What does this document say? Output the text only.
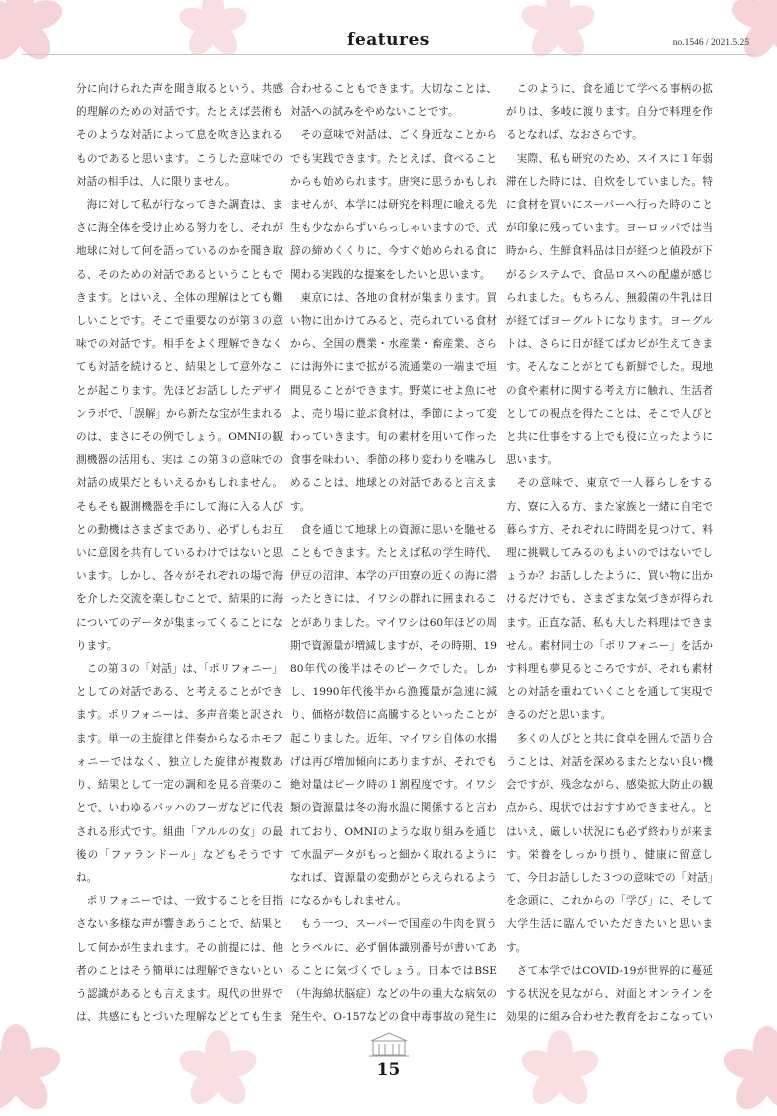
features	no.1546 / 2021.5.25

分に向けられた声を聞き取るという、共感的理解のための対話です。たとえば芸術もそのような対話によって息を吹き込まれるものであると思います。こうした意味での対話の相手は、人に限りません。

海に対して私が行なってきた調査は、まさに海全体を受け止める努力をし、それが地球に対して何を語っているのかを聞き取る、そのための対話であるということもできます。とはいえ、全体の理解はとても難しいことです。そこで重要なのが第３の意味での対話です。相手をよく理解できなくても対話を続けると、結果として意外なことが起こります。先ほどお話ししたデザインラボで、「誤解」から新たな宝が生まれるのは、まさにその例でしょう。OMNIの観測機器の活用も、実は この第３の意味での対話の成果だともいえるかもしれません。そもそも観測機器を手にして海に入る人びとの動機はさまざまであり、必ずしもお互いに意図を共有しているわけではないと思います。しかし、各々がそれぞれの場で海を介した交流を楽しむことで、結果的に海についてのデータが集まってくることになります。

この第３の「対話」は、「ポリフォニー」としての対話である、と考えることができます。ポリフォニーは、多声音楽と訳されます。単一の主旋律と伴奏からなるホモフォニーではなく、独立した旋律が複数あり、結果として一定の調和を見る音楽のことで、いわゆるバッハのフーガなどに代表される形式です。組曲「アルルの女」の最後の「ファランドール」などもそうですね。

ポリフォニーでは、一致することを目指さない多様な声が響きあうことで、結果として何かが生まれます。その前提には、他者のことはそう簡単には理解できないという認識があるとも言えます。現代の世界では、共感にもとづいた理解などとても生ま

合わせることもできます。大切なことは、対話への試みをやめないことです。

その意味で対話は、ごく身近なことからでも実践できます。たとえば、食べることからも始められます。唐突に思うかもしれませんが、本学には研究を料理に喩える先生も少なからずいらっしゃいますので、式辞の締めくくりに、今すぐ始められる食に関わる実践的な提案をしたいと思います。

東京には、各地の食材が集まります。買い物に出かけてみると、売られている食材から、全国の農業・水産業・畜産業、さらには海外にまで拡がる流通業の一端まで垣間見ることができます。野菜にせよ魚にせよ、売り場に並ぶ食材は、季節によって変わっていきます。旬の素材を用いて作った食事を味わい、季節の移り変わりを噛みしめることは、地球との対話であると言えます。

食を通じて地球上の資源に思いを馳せることもできます。たとえば私の学生時代、伊豆の沼津、本学の戸田寮の近くの海に潜ったときには、イワシの群れに囲まれることがありました。マイワシは60年ほどの周期で資源量が増減しますが、その時期、1980年代の後半はそのピークでした。しかし、1990年代後半から漁獲量が急速に減り、価格が数倍に高騰するといったことが起こりました。近年、マイワシ自体の水揚げは再び増加傾向にありますが、それでも絶対量はピーク時の１割程度です。イワシ類の資源量は冬の海水温に関係すると言われており、OMNIのような取り組みを通じて水温データがもっと細かく取れるようになれば、資源量の変動がとらえられるようになるかもしれません。

もう一つ、スーパーで国産の牛肉を買うとラベルに、必ず個体識別番号が書いてあることに気づくでしょう。日本ではBSE（牛海綿状脳症）などの牛の重大な病気の発生や、O-157などの食中毒事故の発生に

このように、食を通じて学べる事柄の拡がりは、多岐に渡ります。自分で料理を作るとなれば、なおさらです。

実際、私も研究のため、スイスに１年弱滞在した時には、自炊をしていました。特に食材を買いにスーパーへ行った時のことが印象に残っています。ヨーロッパでは当時から、生鮮食料品は日が経つと値段が下がるシステムで、食品ロスへの配慮が感じられました。もちろん、無殺菌の牛乳は日が経てばヨーグルトになります。ヨーグルトは、さらに日が経てばカビが生えてきます。そんなことがとても新鮮でした。現地の食や素材に関する考え方に触れ、生活者としての視点を得たことは、そこで人びとと共に仕事をする上でも役に立ったように思います。

その意味で、東京で一人暮らしをする方、寮に入る方、また家族と一緒に自宅で暮らす方、それぞれに時間を見つけて、料理に挑戦してみるのもよいのではないでしょうか？お話ししたように、買い物に出かけるだけでも、さまざまな気づきが得られます。正直な話、私も大した料理はできません。素材同士の「ポリフォニー」を活かす料理も夢見るところですが、それも素材との対話を重ねていくことを通して実現できるのだと思います。

多くの人びとと共に食卓を囲んで語り合うことは、対話を深めるまたとない良い機会ですが、残念ながら、感染拡大防止の観点から、現状ではおすすめできません。とはいえ、厳しい状況にも必ず終わりが来ます。栄養をしっかり摂り、健康に留意して、今日お話しした３つの意味での「対話」を念頭に、これからの「学び」に、そして大学生活に臨んでいただきたいと思います。

さて本学ではCOVID-19が世界的に蔓延する状況を見ながら、対面とオンラインを効果的に組み合わせた教育をおこなってい

15
